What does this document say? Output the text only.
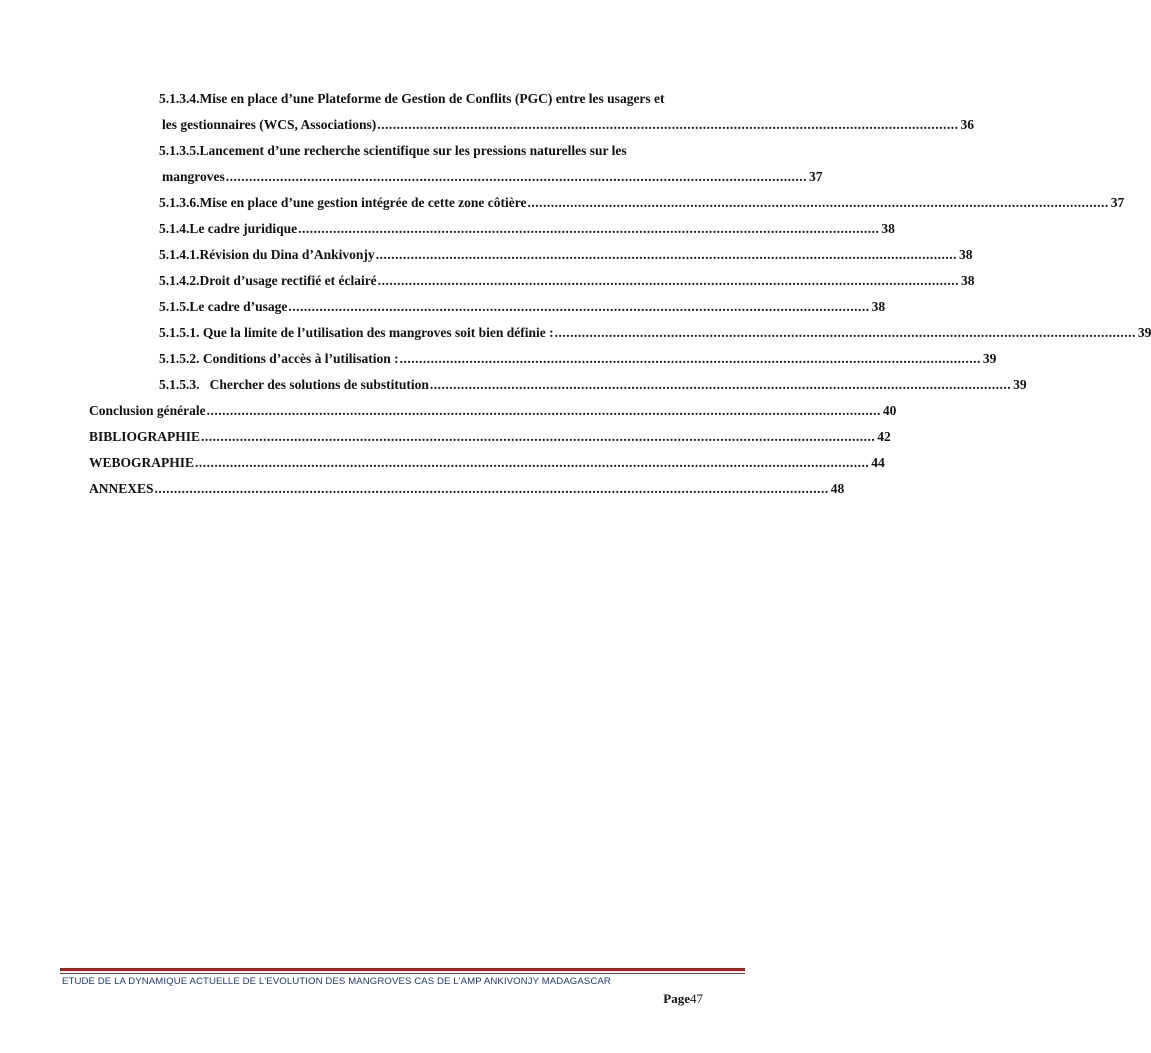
5.1.3.4.Mise en place d’une Plateforme de Gestion de Conflits (PGC) entre les usagers et
les gestionnaires (WCS, Associations) ...................................................................................................................................................... 36
5.1.3.5.Lancement d’une recherche scientifique sur les pressions naturelles sur les
mangroves ...................................................................................................................................................... 37
5.1.3.6.Mise en place d’une gestion intégrée de cette zone côtière ...................................................................................................................................................... 37
5.1.4.Le cadre juridique ...................................................................................................................................................... 38
5.1.4.1.Révision du Dina d’Ankivonjy ...................................................................................................................................................... 38
5.1.4.2.Droit d’usage rectifié et éclairé ...................................................................................................................................................... 38
5.1.5.Le cadre d’usage ...................................................................................................................................................... 38
5.1.5.1. Que la limite de l’utilisation des mangroves soit bien définie : ...................................................................................................................................................... 39
5.1.5.2. Conditions d’accès à l’utilisation : ...................................................................................................................................................... 39
5.1.5.3.   Chercher des solutions de substitution ...................................................................................................................................................... 39
Conclusion générale .............................................................................................................................................................................. 40
BIBLIOGRAPHIE .............................................................................................................................................................................. 42
WEBOGRAPHIE .............................................................................................................................................................................. 44
ANNEXES .............................................................................................................................................................................. 48
ETUDE DE LA DYNAMIQUE ACTUELLE DE L'EVOLUTION DES MANGROVES CAS DE L'AMP ANKIVONJY MADAGASCAR
Page47
